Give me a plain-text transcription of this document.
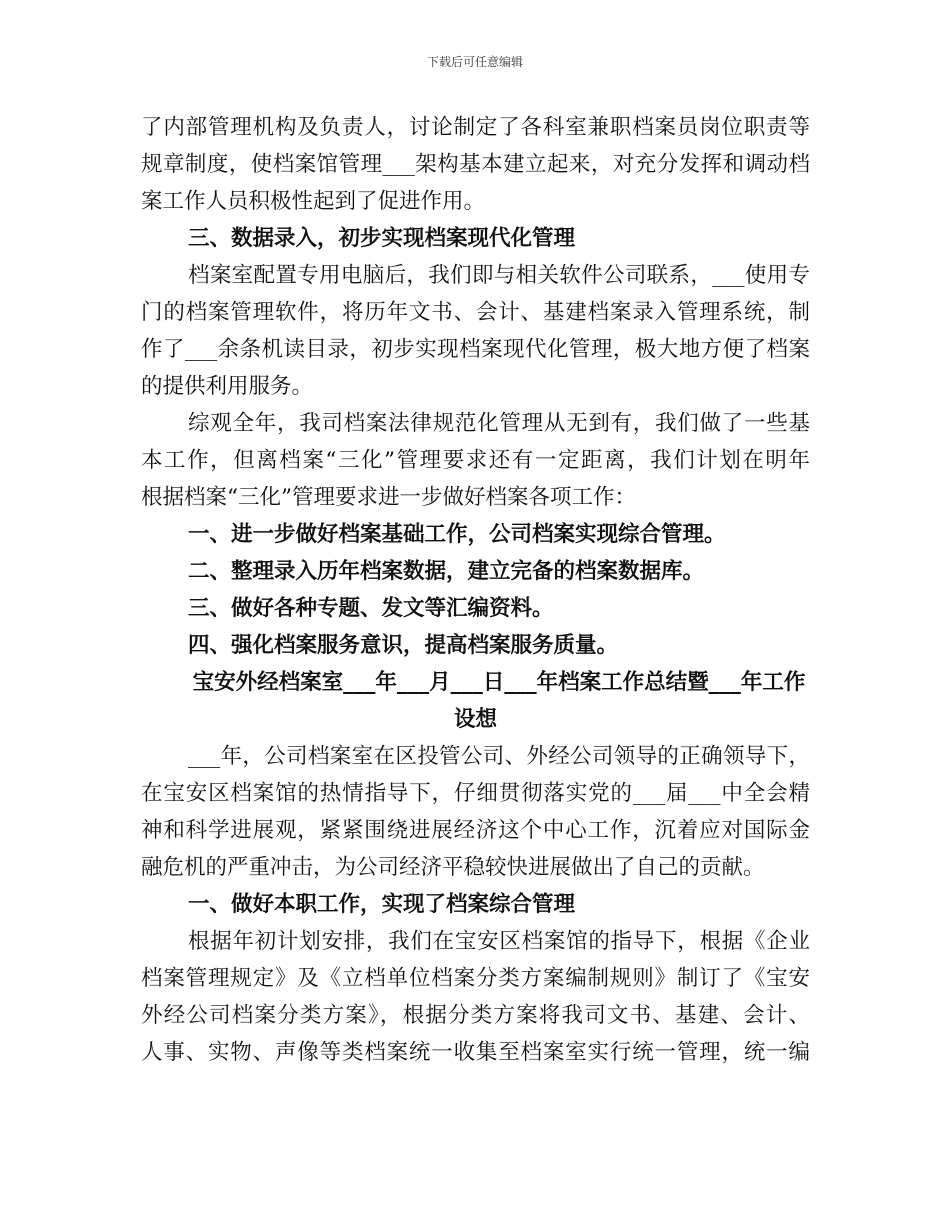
下载后可任意编辑
了内部管理机构及负责人，讨论制定了各科室兼职档案员岗位职责等
规章制度，使档案馆管理___架构基本建立起来，对充分发挥和调动档
案工作人员积极性起到了促进作用。
三、数据录入，初步实现档案现代化管理
档案室配置专用电脑后，我们即与相关软件公司联系，___使用专
门的档案管理软件，将历年文书、会计、基建档案录入管理系统，制
作了___余条机读目录，初步实现档案现代化管理，极大地方便了档案
的提供利用服务。
综观全年，我司档案法律规范化管理从无到有，我们做了一些基
本工作，但离档案“三化”管理要求还有一定距离，我们计划在明年
根据档案“三化”管理要求进一步做好档案各项工作：
一、进一步做好档案基础工作，公司档案实现综合管理。
二、整理录入历年档案数据，建立完备的档案数据库。
三、做好各种专题、发文等汇编资料。
四、强化档案服务意识，提高档案服务质量。
宝安外经档案室___年___月___日___年档案工作总结暨___年工作
设想
___年，公司档案室在区投管公司、外经公司领导的正确领导下，
在宝安区档案馆的热情指导下，仔细贯彻落实党的___届___中全会精
神和科学进展观，紧紧围绕进展经济这个中心工作，沉着应对国际金
融危机的严重冲击，为公司经济平稳较快进展做出了自己的贡献。
一、做好本职工作，实现了档案综合管理
根据年初计划安排，我们在宝安区档案馆的指导下，根据《企业
档案管理规定》及《立档单位档案分类方案编制规则》制订了《宝安
外经公司档案分类方案》，根据分类方案将我司文书、基建、会计、
人事、实物、声像等类档案统一收集至档案室实行统一管理，统一编
